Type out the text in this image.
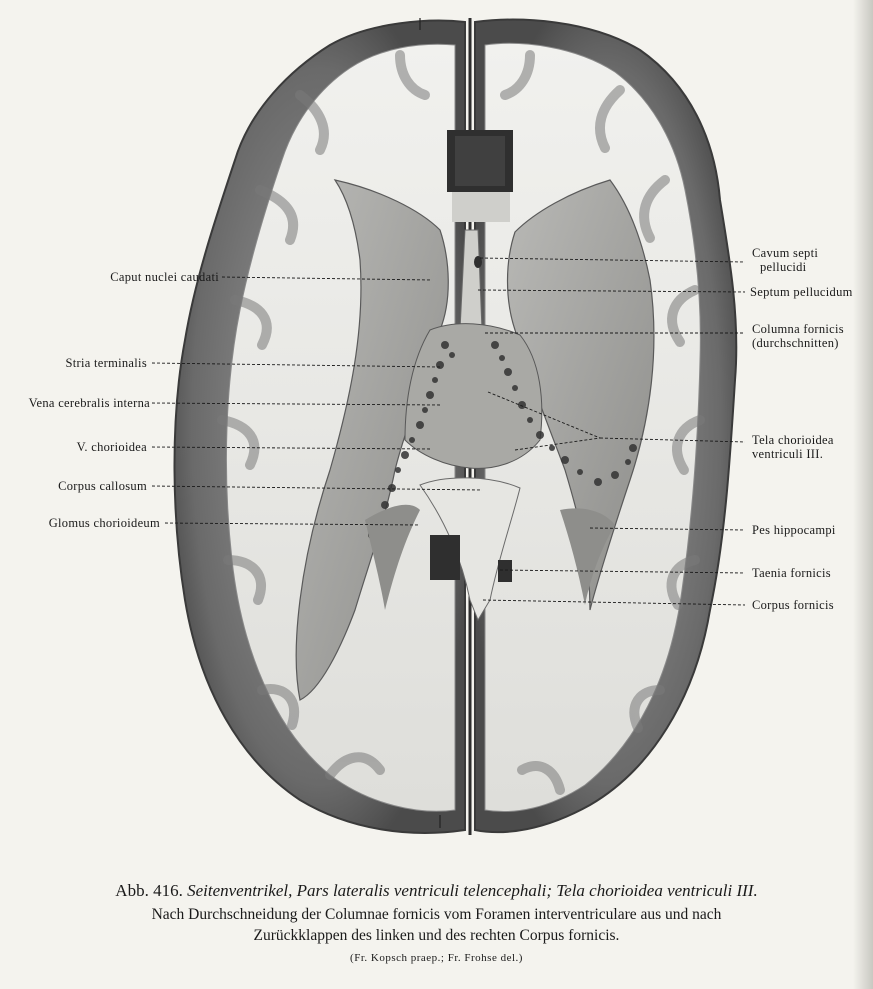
Caput nuclei caudati
Stria terminalis
Vena cerebralis interna
V. chorioidea
Corpus callosum
Glomus chorioideum
Cavum septi
pellucidi
Septum pellucidum
Columna fornicis
(durchschnitten)
Tela chorioidea
ventriculi III.
Pes hippocampi
Taenia fornicis
Corpus fornicis
Abb. 416. Seitenventrikel, Pars lateralis ventriculi telencephali; Tela chorioidea ventriculi III.
Nach Durchschneidung der Columnae fornicis vom Foramen interventriculare aus und nach
Zurückklappen des linken und des rechten Corpus fornicis.
(Fr. Kopsch praep.; Fr. Frohse del.)
